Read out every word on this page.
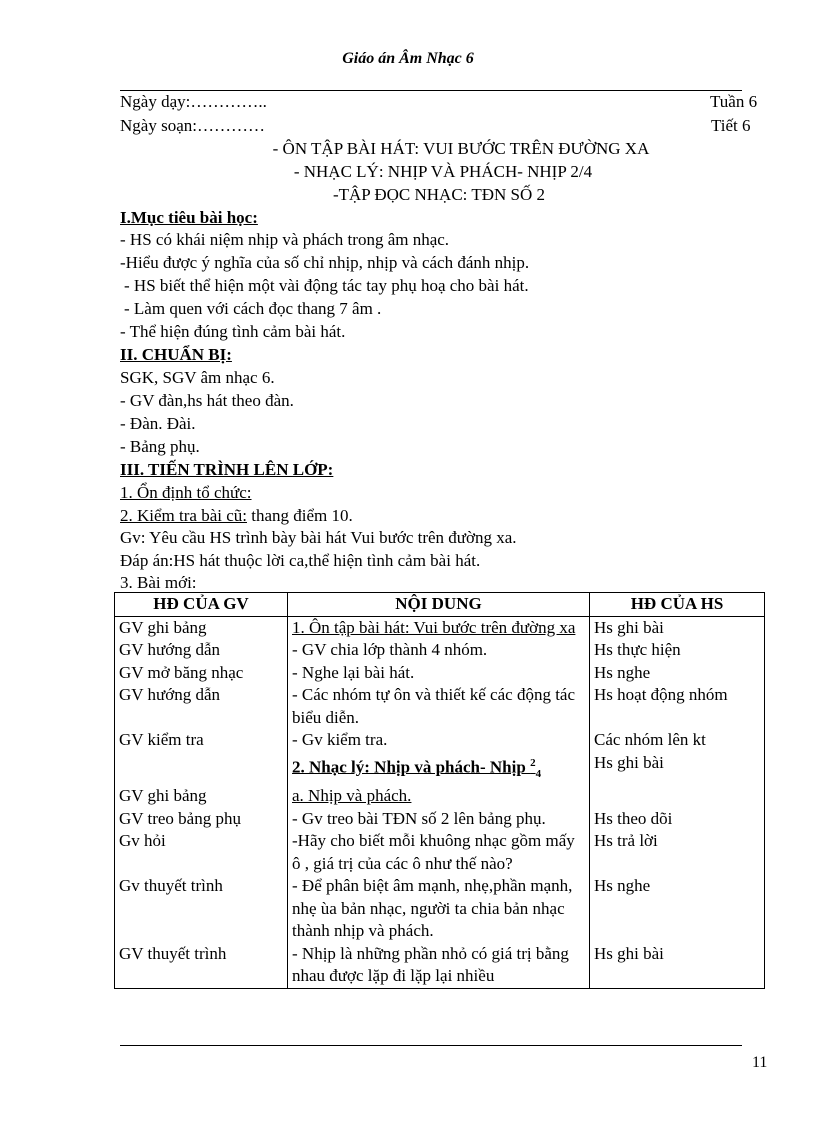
Giáo án Âm Nhạc 6
Ngày dạy:…………..	Tuần 6
Ngày soạn:…………	Tiết 6
- ÔN TẬP BÀI HÁT: VUI BƯỚC TRÊN ĐƯỜNG XA
- NHẠC LÝ: NHỊP VÀ PHÁCH- NHỊP 2/4
-TẬP ĐỌC NHẠC: TĐN SỐ 2
I.Mục tiêu bài học:
- HS có khái niệm nhịp và phách trong âm nhạc.
-Hiểu được ý nghĩa của số chỉ nhịp, nhịp và cách đánh nhịp.
- HS biết thể hiện một vài động tác tay phụ hoạ cho bài hát.
- Làm quen với cách đọc thang 7 âm .
- Thể hiện đúng tình cảm bài hát.
II. CHUẨN BỊ:
SGK, SGV âm nhạc 6.
- GV đàn,hs hát theo đàn.
- Đàn. Đài.
- Bảng phụ.
III. TIẾN TRÌNH LÊN LỚP:
1. Ổn định tổ chức:
2. Kiểm tra bài cũ: thang điểm 10.
Gv: Yêu cầu HS trình bày bài hát Vui bước trên đường xa.
Đáp án:HS hát thuộc lời ca,thể hiện tình cảm bài hát.
3. Bài mới:
HĐ CỦA GV	NỘI DUNG	HĐ CỦA HS
GV ghi bảng	1. Ôn tập bài hát: Vui bước trên đường xa	Hs ghi bài
GV hướng dẫn	- GV chia lớp thành 4 nhóm.	Hs thực hiện
GV mở băng nhạc	- Nghe lại bài hát.	Hs nghe
GV hướng dẫn	- Các nhóm tự ôn và thiết kế các động tác biểu diễn.	Hs hoạt động nhóm
GV kiểm tra	- Gv kiểm tra.	Các nhóm lên kt
	2. Nhạc lý: Nhịp và phách- Nhịp $^2_4$	Hs ghi bài
GV ghi bảng	a. Nhịp và phách.	
GV treo bảng phụ	- Gv treo bài TĐN số 2 lên bảng phụ.	Hs theo dõi
Gv hỏi	-Hãy cho biết mỗi khuông nhạc gồm mấy ô , giá trị của các ô như thế nào?	Hs trả lời
Gv thuyết trình	- Để phân biệt âm mạnh, nhẹ,phần mạnh, nhẹ ùa bản nhạc, người ta chia bản nhạc thành nhịp và phách.	Hs nghe
GV thuyết trình	- Nhịp là những phần nhỏ có giá trị bằng nhau được lặp đi lặp lại nhiều	Hs ghi bài
11
